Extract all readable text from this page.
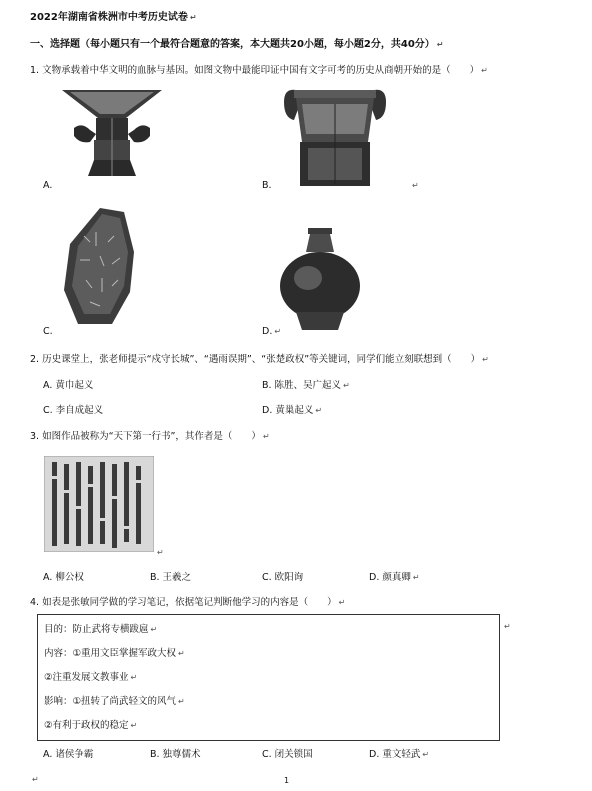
2022年湖南省株洲市中考历史试卷 ↵
一、选择题（每小题只有一个最符合题意的答案，本大题共20小题，每小题2分，共40分） ↵
1. 文物承载着中华文明的血脉与基因。如图文物中最能印证中国有文字可考的历史从商朝开始的是（　　） ↵
A.	B.	↵
C.	D. ↵
2. 历史课堂上，张老师提示“戍守长城”、“遇雨误期”、“张楚政权”等关键词，同学们能立刻联想到（　　） ↵
A. 黄巾起义	B. 陈胜、吴广起义 ↵
C. 李自成起义	D. 黄巢起义 ↵
3. 如图作品被称为“天下第一行书”，其作者是（　　） ↵
↵
A. 柳公权	B. 王羲之	C. 欧阳询	D. 颜真卿 ↵
4. 如表是张敏同学做的学习笔记，依据笔记判断他学习的内容是（　　） ↵
目的：防止武将专横跋扈 ↵
内容：①重用文臣掌握军政大权 ↵
②注重发展文教事业 ↵
影响：①扭转了尚武轻文的风气 ↵
②有利于政权的稳定 ↵
↵
A. 诸侯争霸	B. 独尊儒术	C. 闭关锁国	D. 重文轻武 ↵
↵	1
